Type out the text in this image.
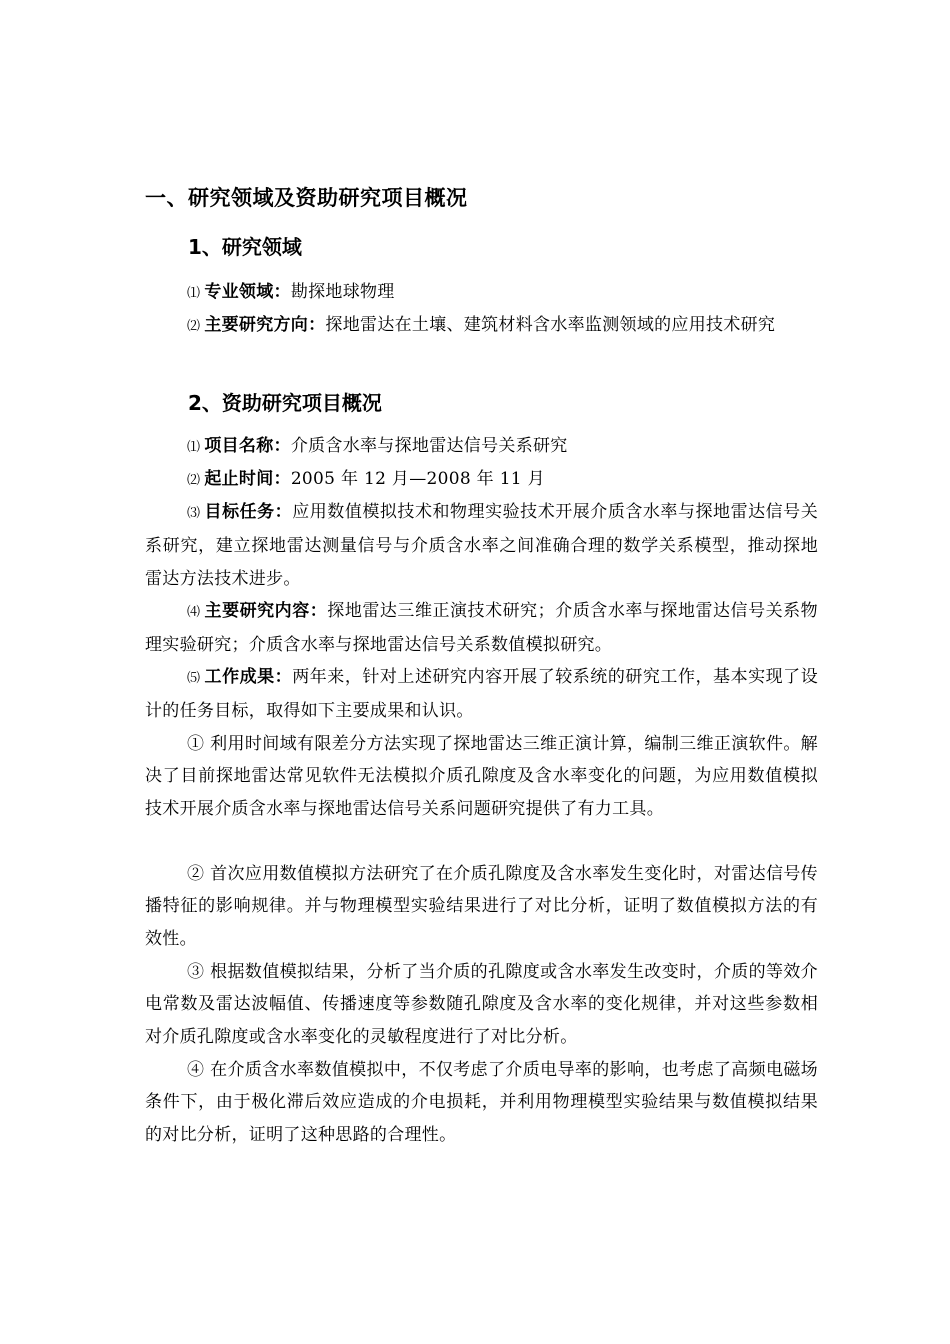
一、研究领域及资助研究项目概况
1、研究领域
⑴ 专业领域：勘探地球物理
⑵ 主要研究方向：探地雷达在土壤、建筑材料含水率监测领域的应用技术研究
2、资助研究项目概况
⑴ 项目名称：介质含水率与探地雷达信号关系研究
⑵ 起止时间：2005 年 12 月—2008 年 11 月
⑶ 目标任务：应用数值模拟技术和物理实验技术开展介质含水率与探地雷达信号关系研究，建立探地雷达测量信号与介质含水率之间准确合理的数学关系模型，推动探地雷达方法技术进步。
⑷ 主要研究内容：探地雷达三维正演技术研究；介质含水率与探地雷达信号关系物理实验研究；介质含水率与探地雷达信号关系数值模拟研究。
⑸ 工作成果：两年来，针对上述研究内容开展了较系统的研究工作，基本实现了设计的任务目标，取得如下主要成果和认识。
① 利用时间域有限差分方法实现了探地雷达三维正演计算，编制三维正演软件。解决了目前探地雷达常见软件无法模拟介质孔隙度及含水率变化的问题，为应用数值模拟技术开展介质含水率与探地雷达信号关系问题研究提供了有力工具。
② 首次应用数值模拟方法研究了在介质孔隙度及含水率发生变化时，对雷达信号传播特征的影响规律。并与物理模型实验结果进行了对比分析，证明了数值模拟方法的有效性。
③ 根据数值模拟结果，分析了当介质的孔隙度或含水率发生改变时，介质的等效介电常数及雷达波幅值、传播速度等参数随孔隙度及含水率的变化规律，并对这些参数相对介质孔隙度或含水率变化的灵敏程度进行了对比分析。
④ 在介质含水率数值模拟中，不仅考虑了介质电导率的影响，也考虑了高频电磁场条件下，由于极化滞后效应造成的介电损耗，并利用物理模型实验结果与数值模拟结果的对比分析，证明了这种思路的合理性。
